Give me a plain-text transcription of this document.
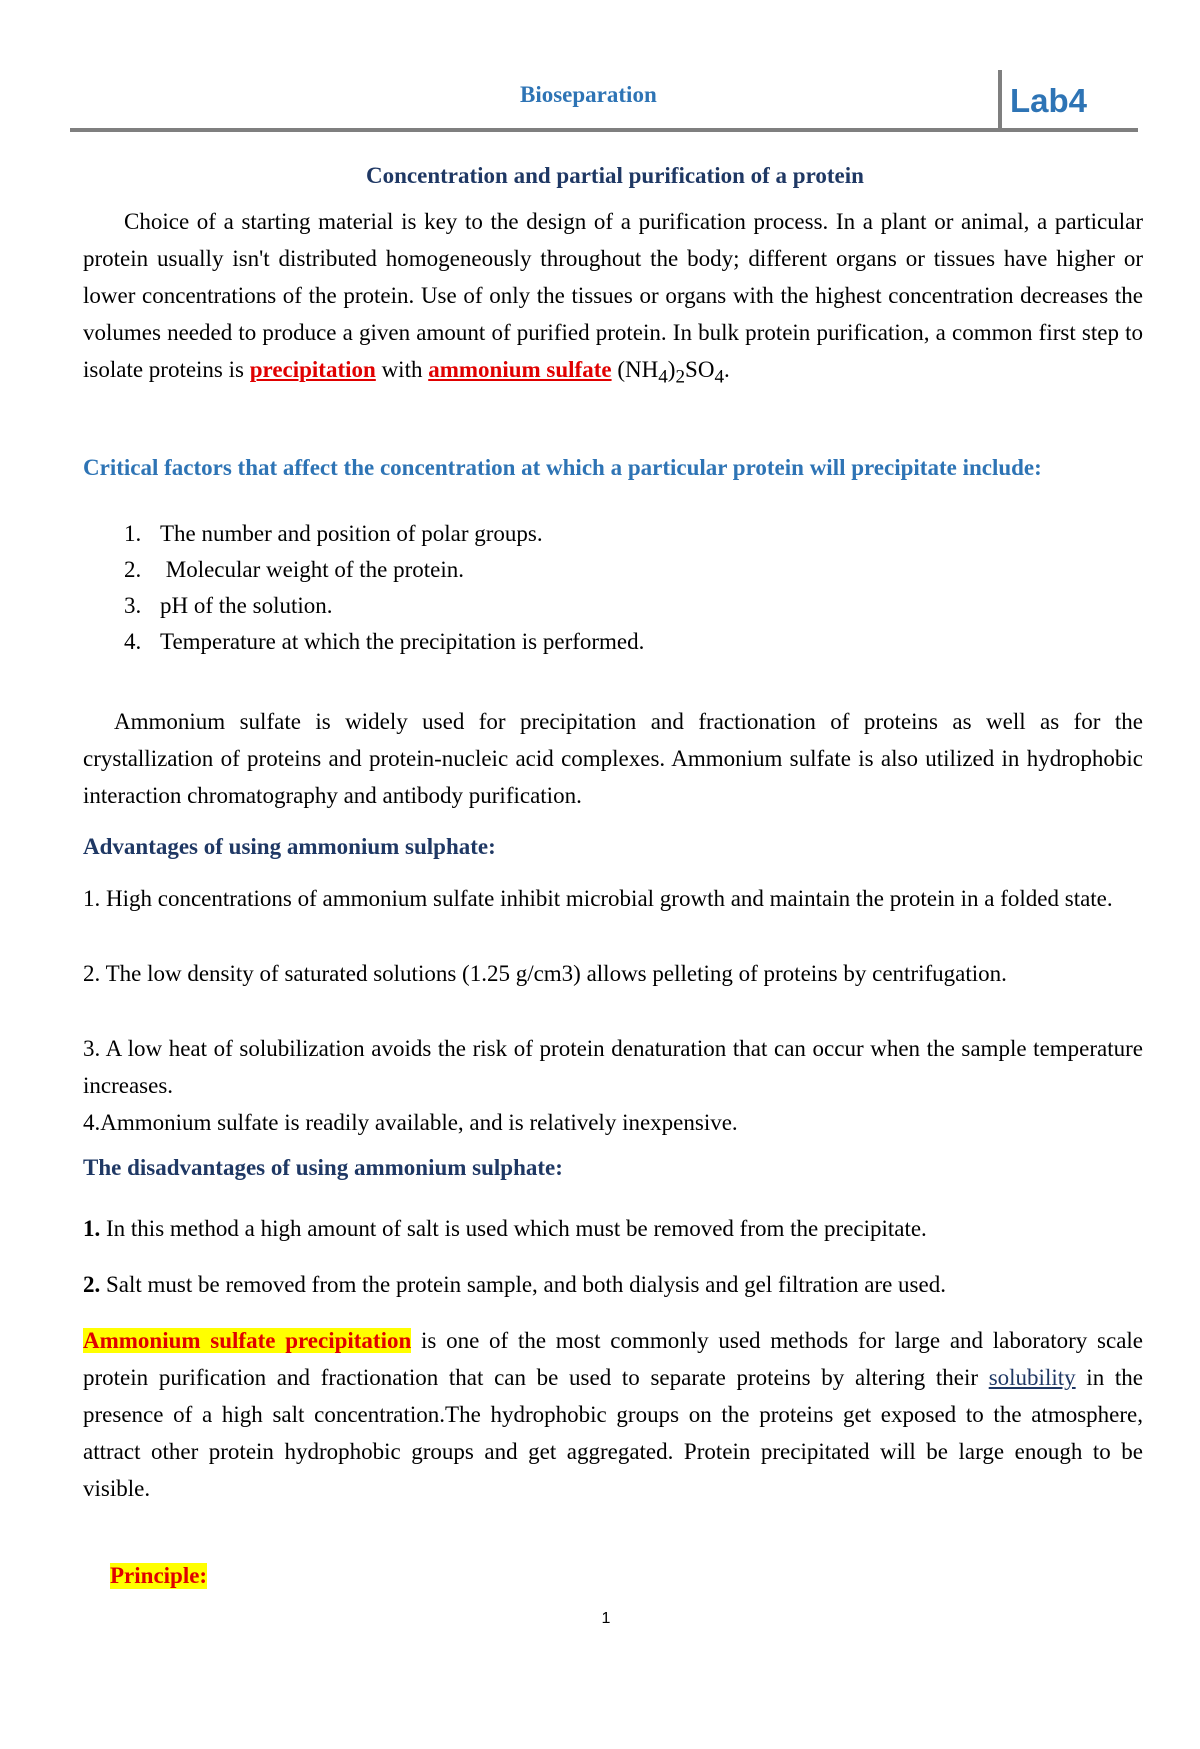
Bioseparation	Lab4
Concentration and partial purification of a protein

Choice of a starting material is key to the design of a purification process. In a plant or animal, a particular protein usually isn't distributed homogeneously throughout the body; different organs or tissues have higher or lower concentrations of the protein. Use of only the tissues or organs with the highest concentration decreases the volumes needed to produce a given amount of purified protein. In bulk protein purification, a common first step to isolate proteins is precipitation with ammonium sulfate $(NH_4)_2SO_4$.

Critical factors that affect the concentration at which a particular protein will precipitate include:

1. The number and position of polar groups.
2. Molecular weight of the protein.
3. pH of the solution.
4. Temperature at which the precipitation is performed.

Ammonium sulfate is widely used for precipitation and fractionation of proteins as well as for the crystallization of proteins and protein-nucleic acid complexes. Ammonium sulfate is also utilized in hydrophobic interaction chromatography and antibody purification.

Advantages of using ammonium sulphate:

1. High concentrations of ammonium sulfate inhibit microbial growth and maintain the protein in a folded state.

2. The low density of saturated solutions (1.25 g/cm3) allows pelleting of proteins by centrifugation.

3. A low heat of solubilization avoids the risk of protein denaturation that can occur when the sample temperature increases.

4.Ammonium sulfate is readily available, and is relatively inexpensive.

The disadvantages of using ammonium sulphate:

1. In this method a high amount of salt is used which must be removed from the precipitate.

2. Salt must be removed from the protein sample, and both dialysis and gel filtration are used.

Ammonium sulfate precipitation is one of the most commonly used methods for large and laboratory scale protein purification and fractionation that can be used to separate proteins by altering their solubility in the presence of a high salt concentration.The hydrophobic groups on the proteins get exposed to the atmosphere, attract other protein hydrophobic groups and get aggregated. Protein precipitated will be large enough to be visible.

Principle:
1
